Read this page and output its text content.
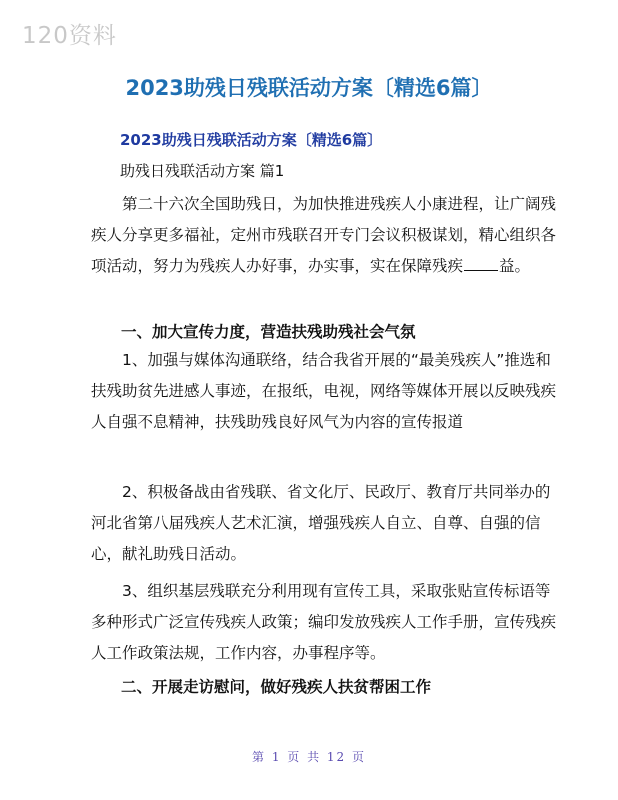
120资料
2023助残日残联活动方案〔精选6篇〕
2023助残日残联活动方案〔精选6篇〕
助残日残联活动方案 篇1

第二十六次全国助残日，为加快推进残疾人小康进程，让广阔残疾人分享更多福祉，定州市残联召开专门会议积极谋划，精心组织各项活动，努力为残疾人办好事，办实事，实在保障残疾 益。

一、加大宣传力度，营造扶残助残社会气氛

1、加强与媒体沟通联络，结合我省开展的“最美残疾人”推选和扶残助贫先进感人事迹，在报纸，电视，网络等媒体开展以反映残疾人自强不息精神，扶残助残良好风气为内容的宣传报道

2、积极备战由省残联、省文化厅、民政厅、教育厅共同举办的河北省第八届残疾人艺术汇演，增强残疾人自立、自尊、自强的信心，献礼助残日活动。

3、组织基层残联充分利用现有宣传工具，采取张贴宣传标语等多种形式广泛宣传残疾人政策；编印发放残疾人工作手册，宣传残疾人工作政策法规，工作内容，办事程序等。

二、开展走访慰问，做好残疾人扶贫帮困工作
第 1 页 共 12 页
